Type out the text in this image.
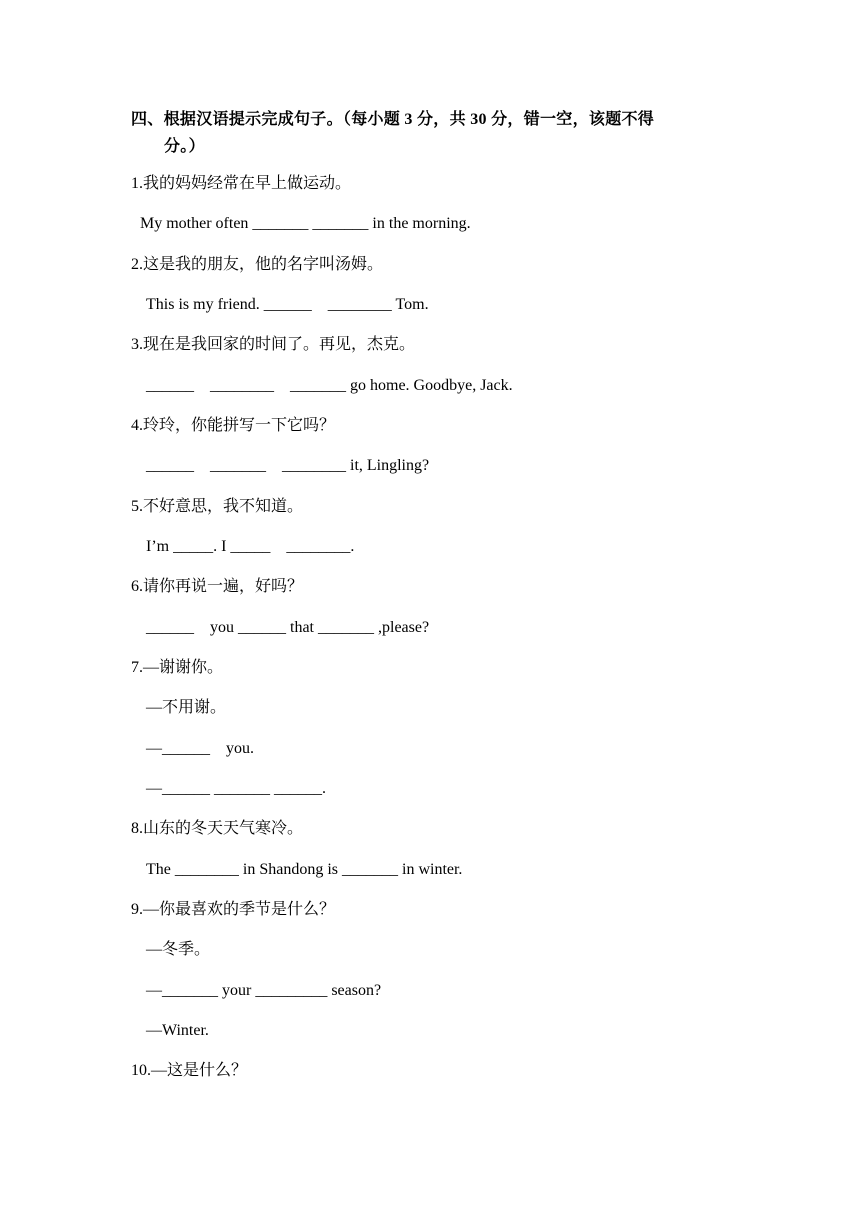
四、根据汉语提示完成句子。（每小题 3 分，共 30 分，错一空，该题不得
分。）
1.我的妈妈经常在早上做运动。
My mother often _______ _______ in the morning.
2.这是我的朋友，他的名字叫汤姆。
This is my friend. ______    ________ Tom.
3.现在是我回家的时间了。再见，杰克。
______    ________    _______ go home. Goodbye, Jack.
4.玲玲，你能拼写一下它吗？
______    _______    ________ it, Lingling?
5.不好意思，我不知道。
I’m _____. I _____    ________.
6.请你再说一遍，好吗？
______    you ______ that _______ ,please?
7.—谢谢你。
—不用谢。
—______    you.
—______ _______ ______.
8.山东的冬天天气寒冷。
The ________ in Shandong is _______ in winter.
9.—你最喜欢的季节是什么？
—冬季。
—_______ your _________ season?
—Winter.
10.—这是什么？
